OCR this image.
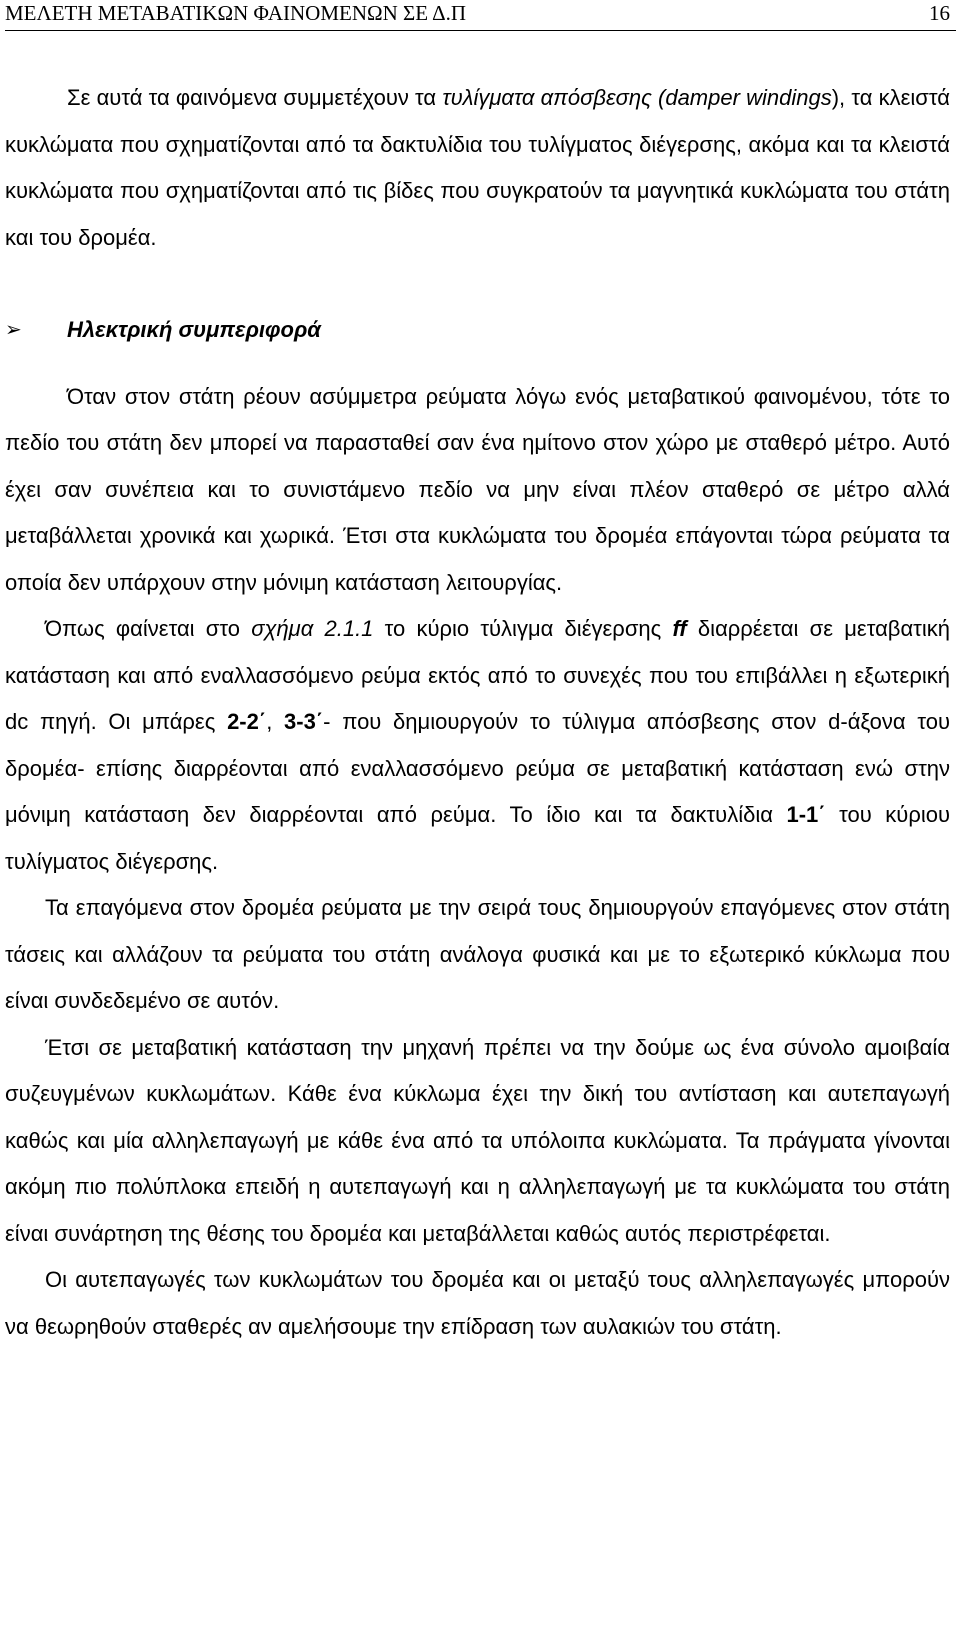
ΜΕΛΕΤΗ ΜΕΤΑΒΑΤΙΚΩΝ ΦΑΙΝΟΜΕΝΩΝ ΣΕ Δ.Π	16

Σε αυτά τα φαινόμενα συμμετέχουν τα τυλίγματα απόσβεσης (damper windings), τα κλειστά κυκλώματα που σχηματίζονται από τα δακτυλίδια του τυλίγματος διέγερσης, ακόμα και τα κλειστά κυκλώματα που σχηματίζονται από τις βίδες που συγκρατούν τα μαγνητικά κυκλώματα του στάτη και του δρομέα.

➢ Ηλεκτρική συμπεριφορά

Όταν στον στάτη ρέουν ασύμμετρα ρεύματα λόγω ενός μεταβατικού φαινομένου, τότε το πεδίο του στάτη δεν μπορεί να παρασταθεί σαν ένα ημίτονο στον χώρο με σταθερό μέτρο. Αυτό έχει σαν συνέπεια και το συνιστάμενο πεδίο να μην είναι πλέον σταθερό σε μέτρο αλλά μεταβάλλεται χρονικά και χωρικά. Έτσι στα κυκλώματα του δρομέα επάγονται τώρα ρεύματα τα οποία δεν υπάρχουν στην μόνιμη κατάσταση λειτουργίας.

Όπως φαίνεται στο σχήμα 2.1.1 το κύριο τύλιγμα διέγερσης ff διαρρέεται σε μεταβατική κατάσταση και από εναλλασσόμενο ρεύμα εκτός από το συνεχές που του επιβάλλει η εξωτερική dc πηγή. Οι μπάρες 2-2΄, 3-3΄- που δημιουργούν το τύλιγμα απόσβεσης στον d-άξονα του δρομέα- επίσης διαρρέονται από εναλλασσόμενο ρεύμα σε μεταβατική κατάσταση ενώ στην μόνιμη κατάσταση δεν διαρρέονται από ρεύμα. Το ίδιο και τα δακτυλίδια 1-1΄ του κύριου τυλίγματος διέγερσης.

Τα επαγόμενα στον δρομέα ρεύματα με την σειρά τους δημιουργούν επαγόμενες στον στάτη τάσεις και αλλάζουν τα ρεύματα του στάτη ανάλογα φυσικά και με το εξωτερικό κύκλωμα που είναι συνδεδεμένο σε αυτόν.

Έτσι σε μεταβατική κατάσταση την μηχανή πρέπει να την δούμε ως ένα σύνολο αμοιβαία συζευγμένων κυκλωμάτων. Κάθε ένα κύκλωμα έχει την δική του αντίσταση και αυτεπαγωγή καθώς και μία αλληλεπαγωγή με κάθε ένα από τα υπόλοιπα κυκλώματα. Τα πράγματα γίνονται ακόμη πιο πολύπλοκα επειδή η αυτεπαγωγή και η αλληλεπαγωγή με τα κυκλώματα του στάτη είναι συνάρτηση της θέσης του δρομέα και μεταβάλλεται καθώς αυτός περιστρέφεται.

Οι αυτεπαγωγές των κυκλωμάτων του δρομέα και οι μεταξύ τους αλληλεπαγωγές μπορούν να θεωρηθούν σταθερές αν αμελήσουμε την επίδραση των αυλακιών του στάτη.
